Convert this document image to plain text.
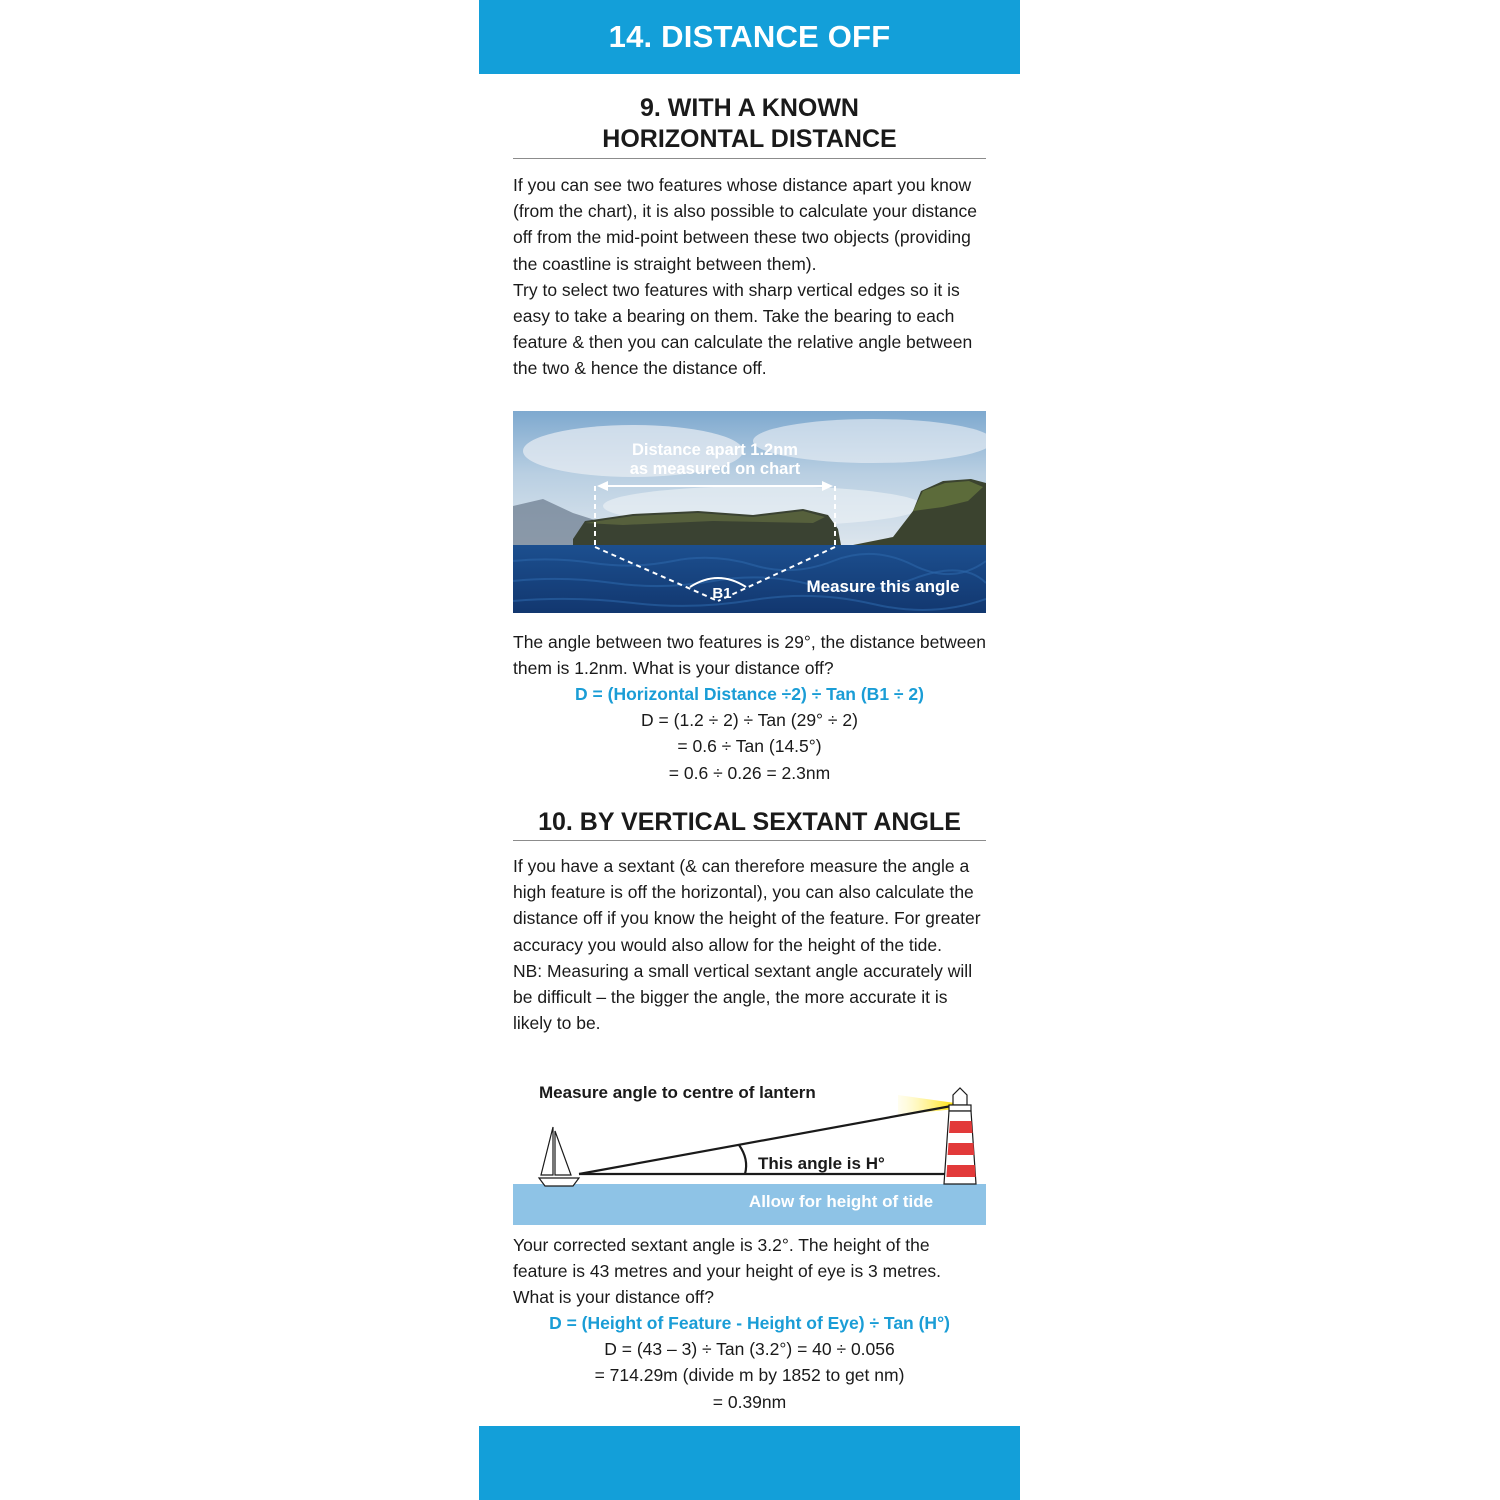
14. DISTANCE OFF
9. WITH A KNOWN
HORIZONTAL DISTANCE

If you can see two features whose distance apart you know (from the chart), it is also possible to calculate your distance off from the mid-point between these two objects (providing the coastline is straight between them).

Try to select two features with sharp vertical edges so it is easy to take a bearing on them. Take the bearing to each feature & then you can calculate the relative angle between the two & hence the distance off.

Distance apart 1.2nm
as measured on chart
B1	Measure this angle
The angle between two features is 29°, the distance between them is 1.2nm. What is your distance off?
D = (Horizontal Distance ÷2) ÷ Tan (B1 ÷ 2)
D = (1.2 ÷ 2) ÷ Tan (29° ÷ 2)
= 0.6 ÷ Tan (14.5°)
= 0.6 ÷ 0.26 = 2.3nm
10. BY VERTICAL SEXTANT ANGLE

If you have a sextant (& can therefore measure the angle a high feature is off the horizontal), you can also calculate the distance off if you know the height of the feature. For greater accuracy you would also allow for the height of the tide.

NB: Measuring a small vertical sextant angle accurately will be difficult – the bigger the angle, the more accurate it is likely to be.

Measure angle to centre of lantern
This angle is H°
Allow for height of tide
Your corrected sextant angle is 3.2°. The height of the feature is 43 metres and your height of eye is 3 metres. What is your distance off?
D = (Height of Feature - Height of Eye) ÷ Tan (H°)
D = (43 – 3) ÷ Tan (3.2°) = 40 ÷ 0.056
= 714.29m (divide m by 1852 to get nm)
= 0.39nm
